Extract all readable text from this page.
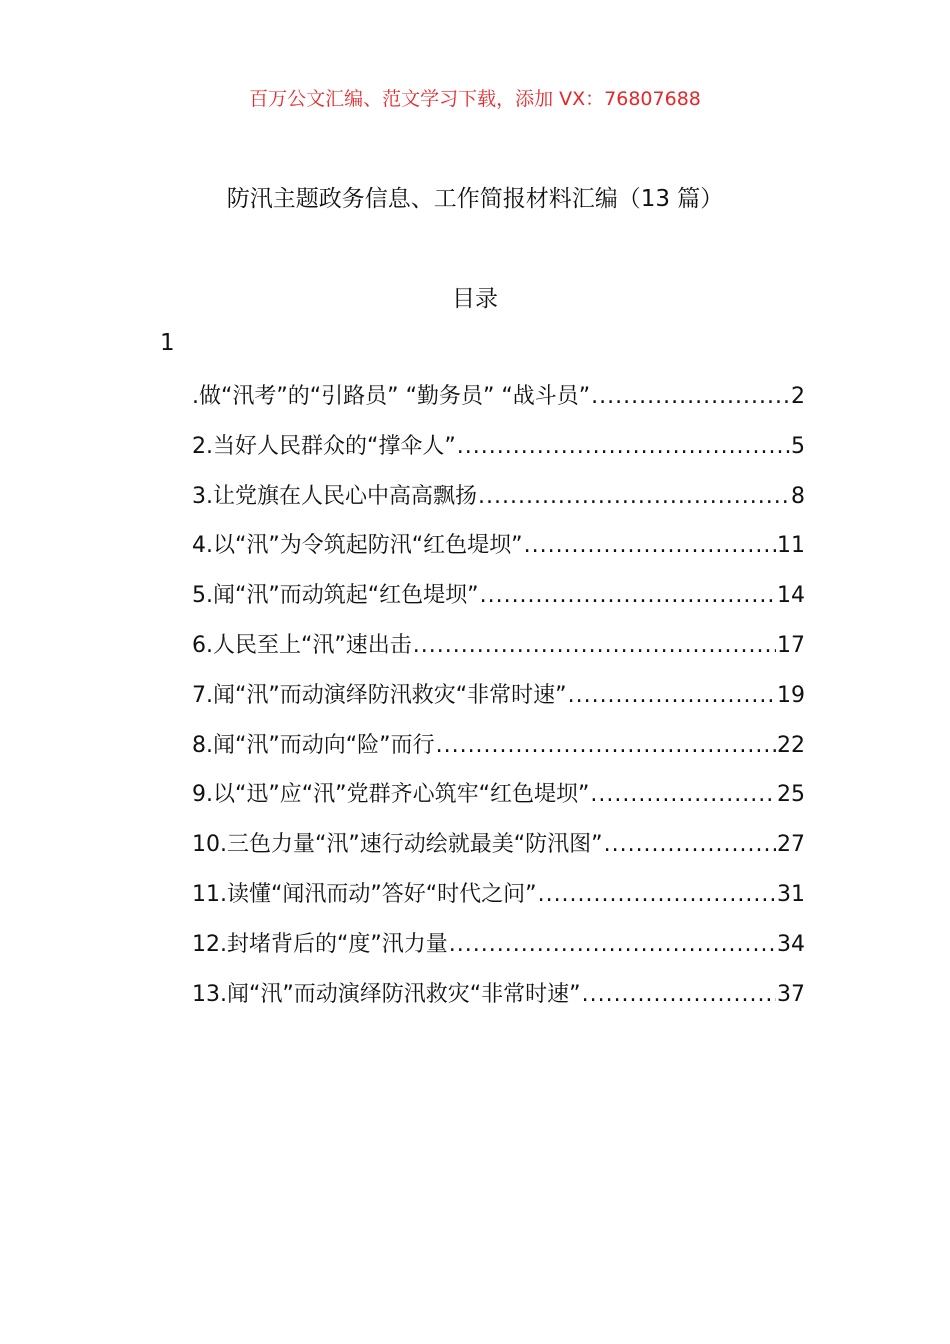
百万公文汇编、范文学习下载，添加 VX：76807688
防汛主题政务信息、工作简报材料汇编（13 篇）
目录
1
.做“汛考”的“引路员” “勤务员” “战斗员” .....	2
2.当好人民群众的“撑伞人” .....	5
3.让党旗在人民心中高高飘扬 .....	8
4.以“汛”为令筑起防汛“红色堤坝” .....	11
5.闻“汛”而动筑起“红色堤坝” .....	14
6.人民至上“汛”速出击 .....	17
7.闻“汛”而动演绎防汛救灾“非常时速” .....	19
8.闻“汛”而动向“险”而行 .....	22
9.以“迅”应“汛”党群齐心筑牢“红色堤坝” .....	25
10.三色力量“汛”速行动绘就最美“防汛图” .....	27
11.读懂“闻汛而动”答好“时代之问” .....	31
12.封堵背后的“度”汛力量 .....	34
13.闻“汛”而动演绎防汛救灾“非常时速” .....	37
